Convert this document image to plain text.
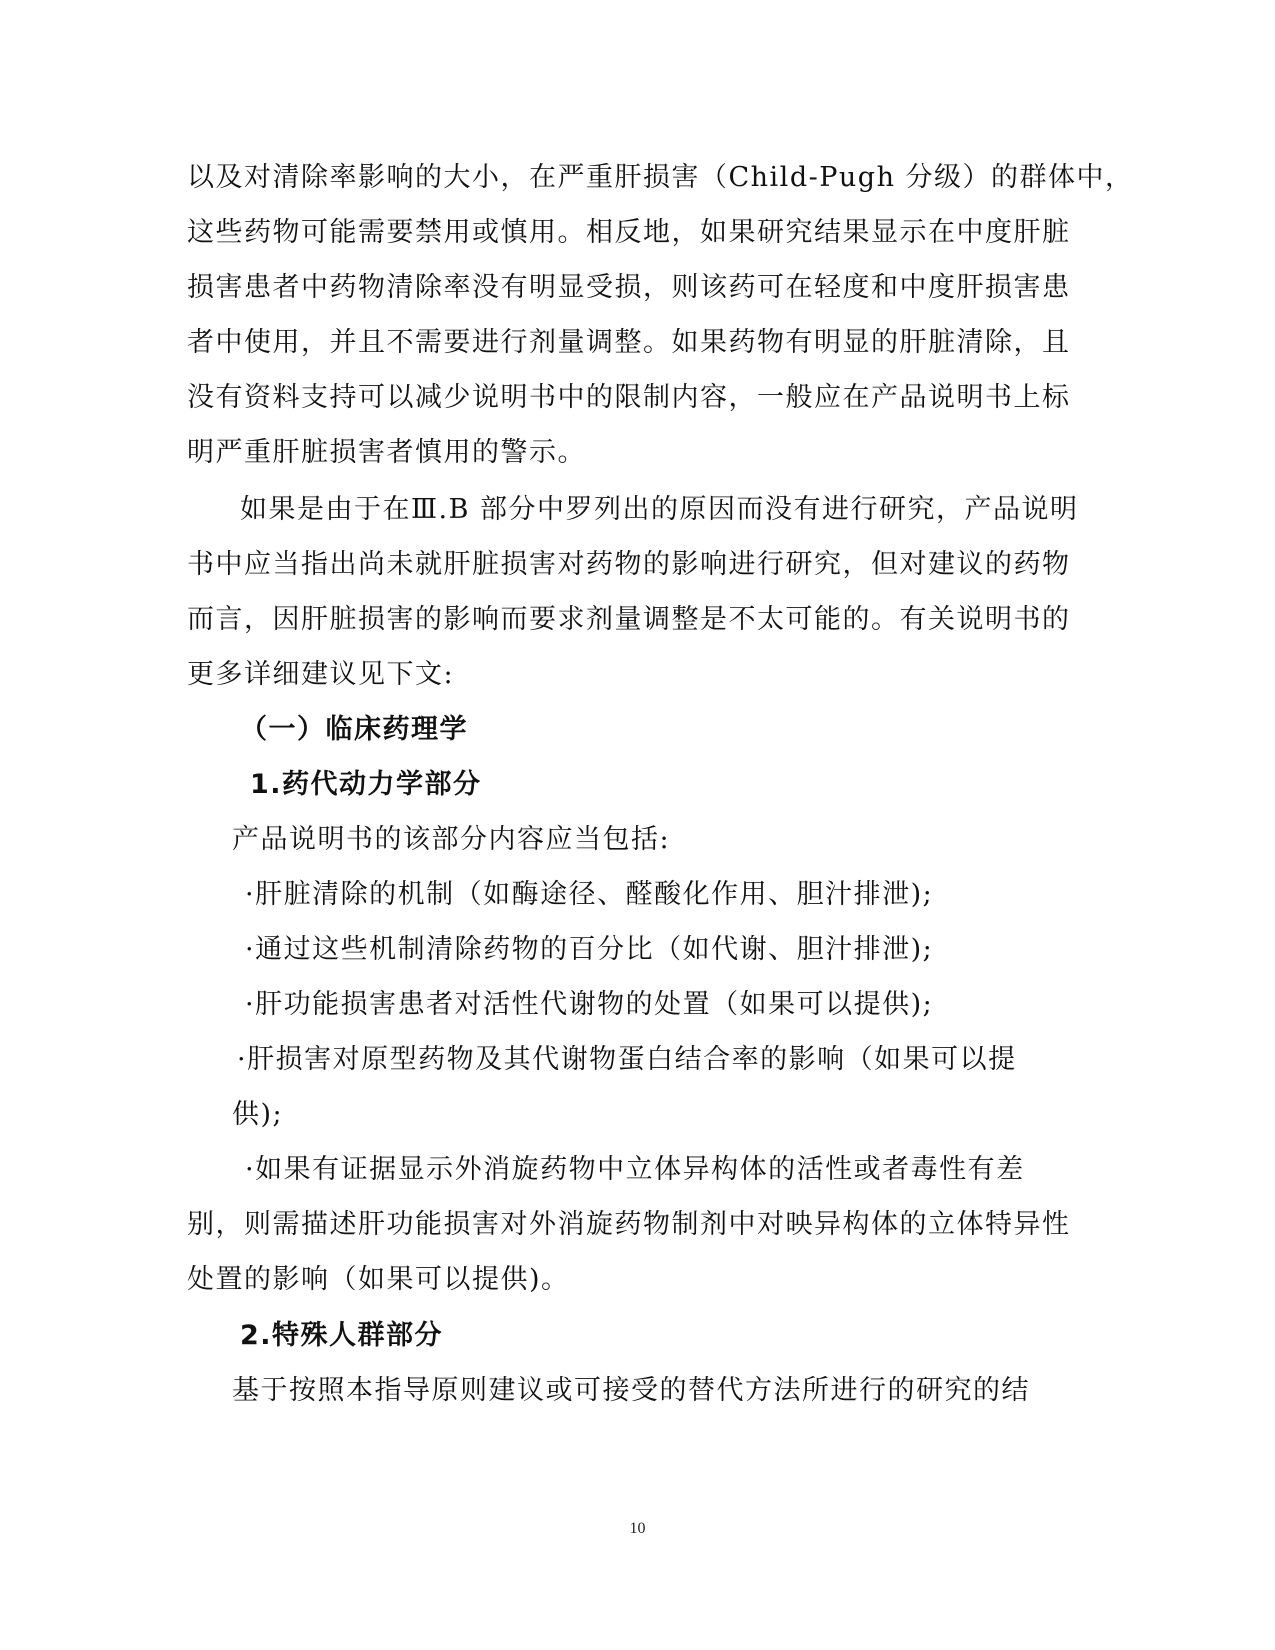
以及对清除率影响的大小，在严重肝损害（Child-Pugh 分级）的群体中，
这些药物可能需要禁用或慎用。相反地，如果研究结果显示在中度肝脏
损害患者中药物清除率没有明显受损，则该药可在轻度和中度肝损害患
者中使用，并且不需要进行剂量调整。如果药物有明显的肝脏清除，且
没有资料支持可以减少说明书中的限制内容，一般应在产品说明书上标
明严重肝脏损害者慎用的警示。
如果是由于在Ⅲ.B 部分中罗列出的原因而没有进行研究，产品说明
书中应当指出尚未就肝脏损害对药物的影响进行研究，但对建议的药物
而言，因肝脏损害的影响而要求剂量调整是不太可能的。有关说明书的
更多详细建议见下文:
（一）临床药理学
1.药代动力学部分
产品说明书的该部分内容应当包括:
·肝脏清除的机制（如酶途径、醛酸化作用、胆汁排泄);
·通过这些机制清除药物的百分比（如代谢、胆汁排泄);
·肝功能损害患者对活性代谢物的处置（如果可以提供);
·肝损害对原型药物及其代谢物蛋白结合率的影响（如果可以提
供);
·如果有证据显示外消旋药物中立体异构体的活性或者毒性有差
别，则需描述肝功能损害对外消旋药物制剂中对映异构体的立体特异性
处置的影响（如果可以提供)。
2.特殊人群部分
基于按照本指导原则建议或可接受的替代方法所进行的研究的结
10
